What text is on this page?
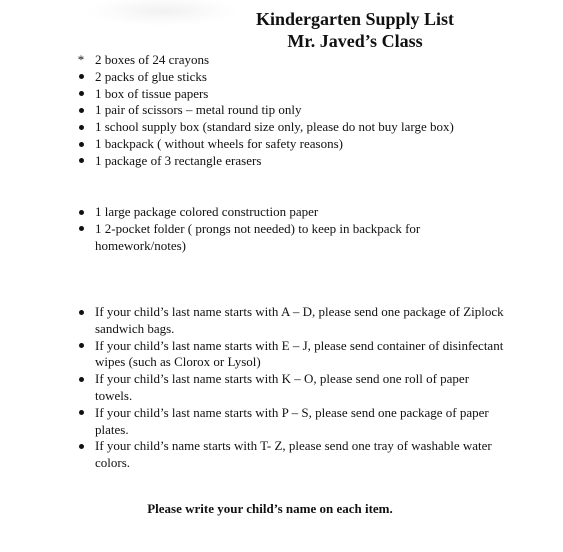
Kindergarten Supply List
Mr. Javed’s Class
* 2 boxes of 24 crayons
2 packs of glue sticks
1 box of tissue papers
1 pair of scissors – metal round tip only
1 school supply box (standard size only, please do not buy large box)
1 backpack ( without wheels for safety reasons)
1 package of 3 rectangle erasers
1 large package colored construction paper
1 2-pocket folder ( prongs not needed) to keep in backpack for homework/notes)
If your child’s last name starts with A – D, please send one package of Ziplock sandwich bags.
If your child’s last name starts with E – J, please send container of disinfectant wipes (such as Clorox or Lysol)
If your child’s last name starts with K – O, please send one roll of paper towels.
If your child’s last name starts with P – S, please send one package of paper plates.
If your child’s name starts with T- Z, please send one tray of washable water colors.
Please write your child’s name on each item.
